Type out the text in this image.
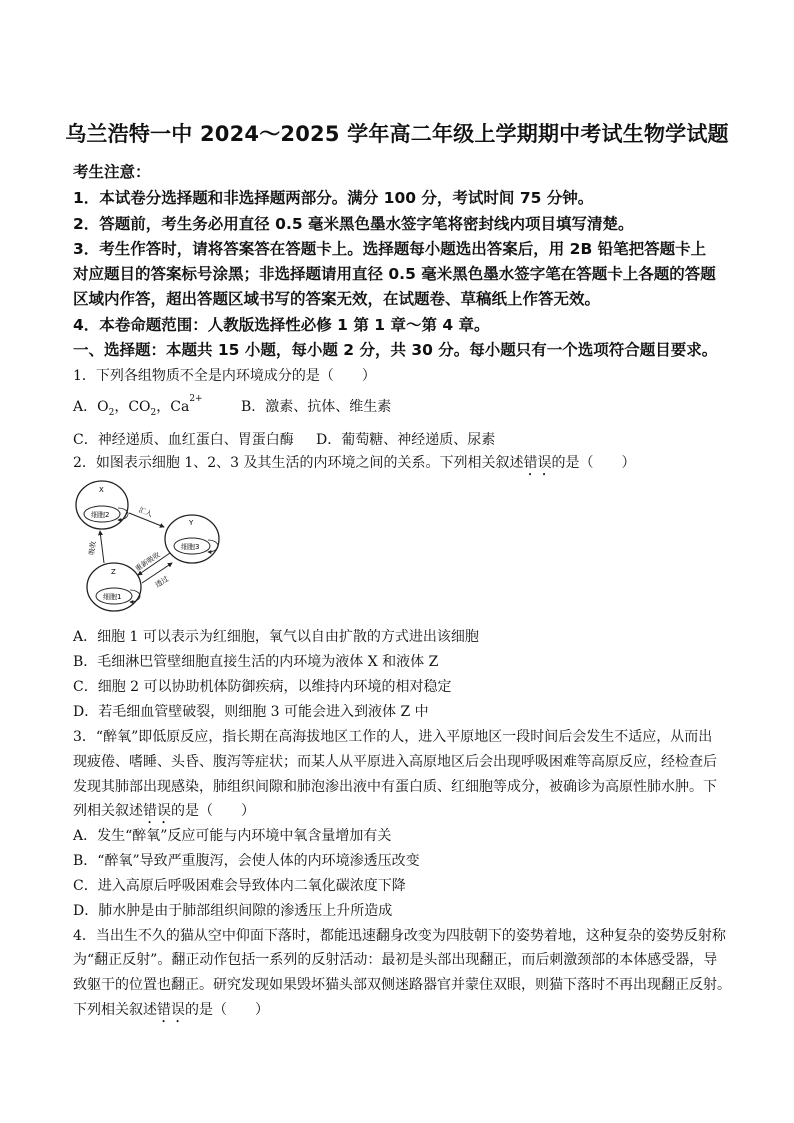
乌兰浩特一中 2024～2025 学年高二年级上学期期中考试生物学试题
考生注意：
1．本试卷分选择题和非选择题两部分。满分 100 分，考试时间 75 分钟。
2．答题前，考生务必用直径 0.5 毫米黑色墨水签字笔将密封线内项目填写清楚。
3．考生作答时，请将答案答在答题卡上。选择题每小题选出答案后，用 2B 铅笔把答题卡上
对应题目的答案标号涂黑；非选择题请用直径 0.5 毫米黑色墨水签字笔在答题卡上各题的答题
区域内作答，超出答题区域书写的答案无效，在试题卷、草稿纸上作答无效。
4．本卷命题范围：人教版选择性必修 1 第 1 章～第 4 章。
一、选择题：本题共 15 小题，每小题 2 分，共 30 分。每小题只有一个选项符合题目要求。
1．下列各组物质不全是内环境成分的是（　　）
A．$O_2$，$CO_2$，$Ca^{2+}$	B．激素、抗体、维生素
C．神经递质、血红蛋白、胃蛋白酶 D．葡萄糖、神经递质、尿素
2．如图表示细胞 1、2、3 及其生活的内环境之间的关系。下列相关叙述错误的是（　　）
X
细胞2
Y
细胞3
Z
细胞1
汇入
吸收
重新吸收
透过
A．细胞 1 可以表示为红细胞，氧气以自由扩散的方式进出该细胞
B．毛细淋巴管壁细胞直接生活的内环境为液体 X 和液体 Z
C．细胞 2 可以协助机体防御疾病，以维持内环境的相对稳定
D．若毛细血管壁破裂，则细胞 3 可能会进入到液体 Z 中
3．“醉氧”即低原反应，指长期在高海拔地区工作的人，进入平原地区一段时间后会发生不适应，从而出
现疲倦、嗜睡、头昏、腹泻等症状；而某人从平原进入高原地区后会出现呼吸困难等高原反应，经检查后
发现其肺部出现感染，肺组织间隙和肺泡渗出液中有蛋白质、红细胞等成分，被确诊为高原性肺水肿。下
列相关叙述错误的是（　　）
A．发生“醉氧”反应可能与内环境中氧含量增加有关
B．“醉氧”导致严重腹泻，会使人体的内环境渗透压改变
C．进入高原后呼吸困难会导致体内二氧化碳浓度下降
D．肺水肿是由于肺部组织间隙的渗透压上升所造成
4．当出生不久的猫从空中仰面下落时，都能迅速翻身改变为四肢朝下的姿势着地，这种复杂的姿势反射称
为“翻正反射”。翻正动作包括一系列的反射活动：最初是头部出现翻正，而后刺激颈部的本体感受器，导
致躯干的位置也翻正。研究发现如果毁坏猫头部双侧迷路器官并蒙住双眼，则猫下落时不再出现翻正反射。
下列相关叙述错误的是（　　）
